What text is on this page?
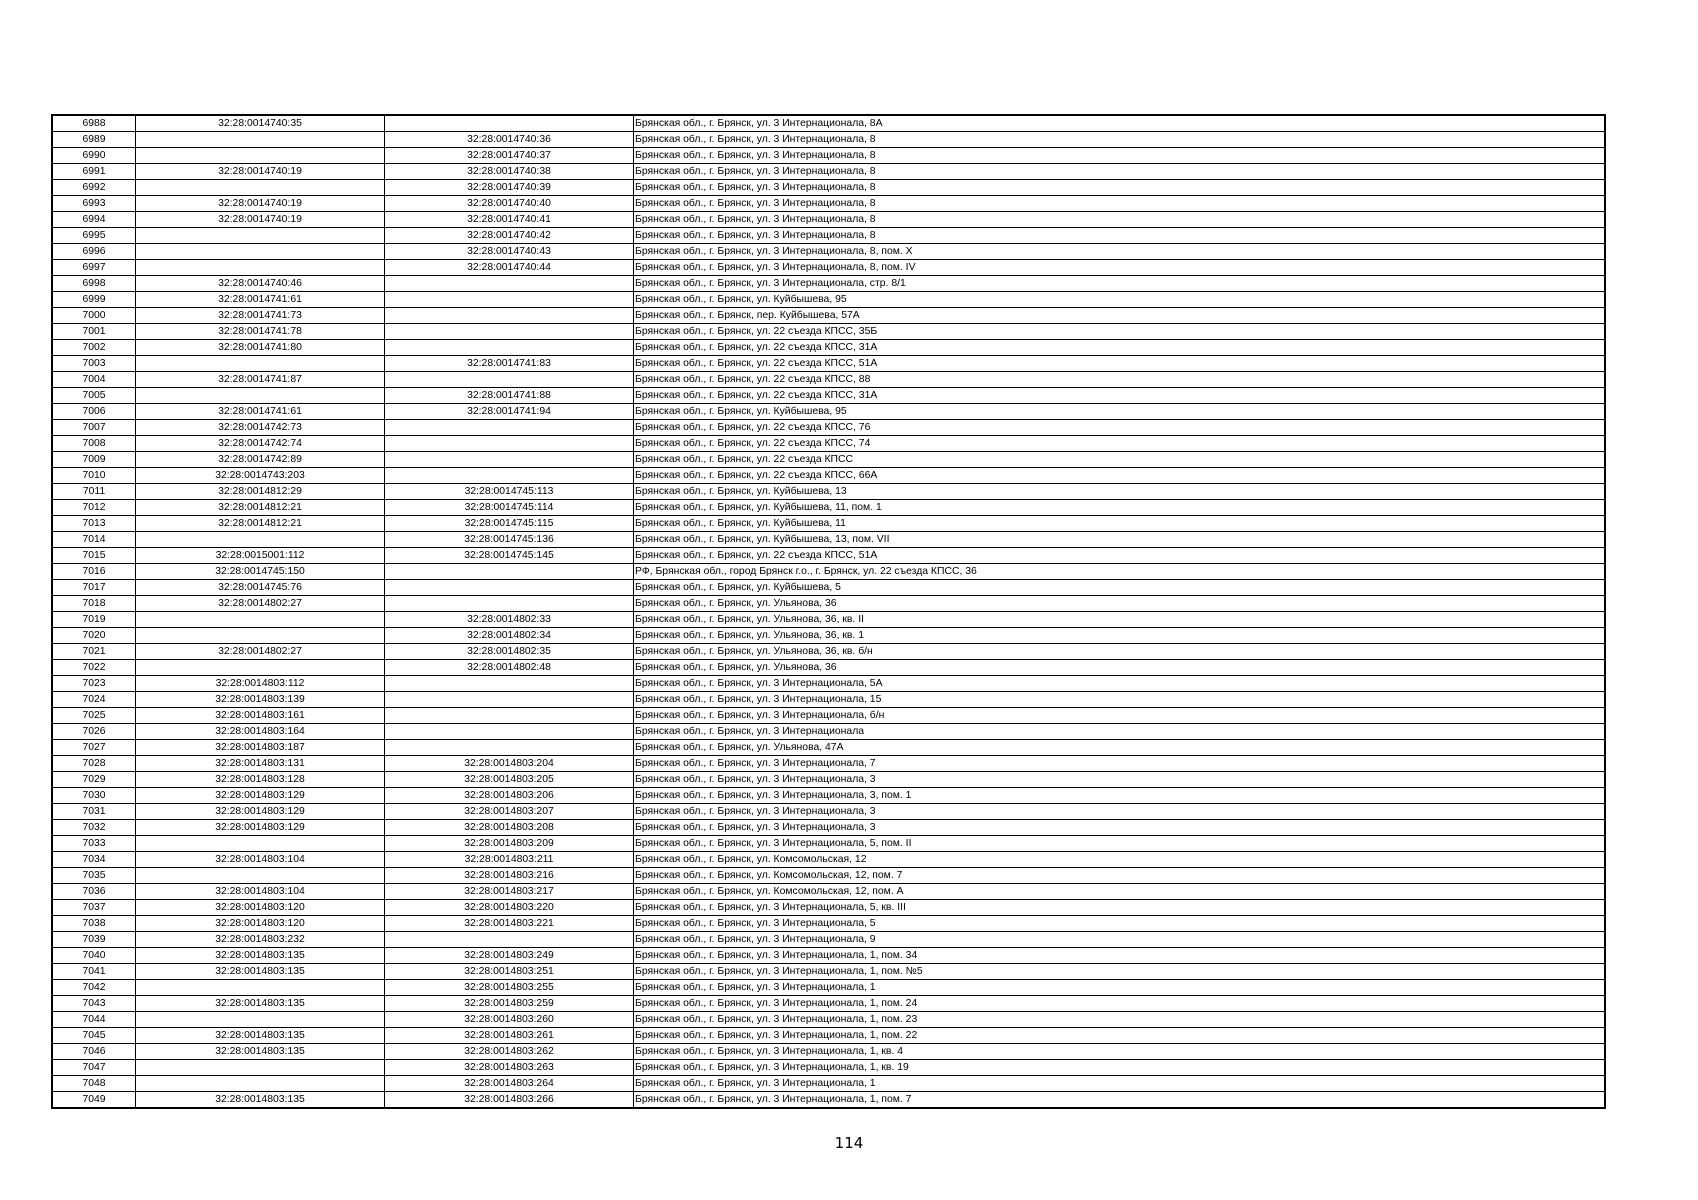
6988	32:28:0014740:35		Брянская обл., г. Брянск, ул. 3 Интернационала, 8А
6989		32:28:0014740:36	Брянская обл., г. Брянск, ул. 3 Интернационала, 8
6990		32:28:0014740:37	Брянская обл., г. Брянск, ул. 3 Интернационала, 8
6991	32:28:0014740:19	32:28:0014740:38	Брянская обл., г. Брянск, ул. 3 Интернационала, 8
6992		32:28:0014740:39	Брянская обл., г. Брянск, ул. 3 Интернационала, 8
6993	32:28:0014740:19	32:28:0014740:40	Брянская обл., г. Брянск, ул. 3 Интернационала, 8
6994	32:28:0014740:19	32:28:0014740:41	Брянская обл., г. Брянск, ул. 3 Интернационала, 8
6995		32:28:0014740:42	Брянская обл., г. Брянск, ул. 3 Интернационала, 8
6996		32:28:0014740:43	Брянская обл., г. Брянск, ул. 3 Интернационала, 8, пом. X
6997		32:28:0014740:44	Брянская обл., г. Брянск, ул. 3 Интернационала, 8, пом. IV
6998	32:28:0014740:46		Брянская обл., г. Брянск, ул. 3 Интернационала, стр. 8/1
6999	32:28:0014741:61		Брянская обл., г. Брянск, ул. Куйбышева, 95
7000	32:28:0014741:73		Брянская обл., г. Брянск, пер. Куйбышева, 57А
7001	32:28:0014741:78		Брянская обл., г. Брянск, ул. 22 съезда КПСС, 35Б
7002	32:28:0014741:80		Брянская обл., г. Брянск, ул. 22 съезда КПСС, 31А
7003		32:28:0014741:83	Брянская обл., г. Брянск, ул. 22 съезда КПСС, 51А
7004	32:28:0014741:87		Брянская обл., г. Брянск, ул. 22 съезда КПСС, 88
7005		32:28:0014741:88	Брянская обл., г. Брянск, ул. 22 съезда КПСС, 31А
7006	32:28:0014741:61	32:28:0014741:94	Брянская обл., г. Брянск, ул. Куйбышева, 95
7007	32:28:0014742:73		Брянская обл., г. Брянск, ул. 22 съезда КПСС, 76
7008	32:28:0014742:74		Брянская обл., г. Брянск, ул. 22 съезда КПСС, 74
7009	32:28:0014742:89		Брянская обл., г. Брянск, ул. 22 съезда КПСС
7010	32:28:0014743:203		Брянская обл., г. Брянск, ул. 22 съезда КПСС, 66А
7011	32:28:0014812:29	32:28:0014745:113	Брянская обл., г. Брянск, ул. Куйбышева, 13
7012	32:28:0014812:21	32:28:0014745:114	Брянская обл., г. Брянск, ул. Куйбышева, 11, пом. 1
7013	32:28:0014812:21	32:28:0014745:115	Брянская обл., г. Брянск, ул. Куйбышева, 11
7014		32:28:0014745:136	Брянская обл., г. Брянск, ул. Куйбышева, 13, пом. VII
7015	32:28:0015001:112	32:28:0014745:145	Брянская обл., г. Брянск, ул. 22 съезда КПСС, 51А
7016	32:28:0014745:150		РФ, Брянская обл., город Брянск г.о., г. Брянск, ул. 22 съезда КПСС, 36
7017	32:28:0014745:76		Брянская обл., г. Брянск, ул. Куйбышева, 5
7018	32:28:0014802:27		Брянская обл., г. Брянск, ул. Ульянова, 36
7019		32:28:0014802:33	Брянская обл., г. Брянск, ул. Ульянова, 36, кв. II
7020		32:28:0014802:34	Брянская обл., г. Брянск, ул. Ульянова, 36, кв. 1
7021	32:28:0014802:27	32:28:0014802:35	Брянская обл., г. Брянск, ул. Ульянова, 36, кв. б/н
7022		32:28:0014802:48	Брянская обл., г. Брянск, ул. Ульянова, 36
7023	32:28:0014803:112		Брянская обл., г. Брянск, ул. 3 Интернационала, 5А
7024	32:28:0014803:139		Брянская обл., г. Брянск, ул. 3 Интернационала, 15
7025	32:28:0014803:161		Брянская обл., г. Брянск, ул. 3 Интернационала, б/н
7026	32:28:0014803:164		Брянская обл., г. Брянск, ул. 3 Интернационала
7027	32:28:0014803:187		Брянская обл., г. Брянск, ул. Ульянова, 47А
7028	32:28:0014803:131	32:28:0014803:204	Брянская обл., г. Брянск, ул. 3 Интернационала, 7
7029	32:28:0014803:128	32:28:0014803:205	Брянская обл., г. Брянск, ул. 3 Интернационала, 3
7030	32:28:0014803:129	32:28:0014803:206	Брянская обл., г. Брянск, ул. 3 Интернационала, 3, пом. 1
7031	32:28:0014803:129	32:28:0014803:207	Брянская обл., г. Брянск, ул. 3 Интернационала, 3
7032	32:28:0014803:129	32:28:0014803:208	Брянская обл., г. Брянск, ул. 3 Интернационала, 3
7033		32:28:0014803:209	Брянская обл., г. Брянск, ул. 3 Интернационала, 5, пом. II
7034	32:28:0014803:104	32:28:0014803:211	Брянская обл., г. Брянск, ул. Комсомольская, 12
7035		32:28:0014803:216	Брянская обл., г. Брянск, ул. Комсомольская, 12, пом. 7
7036	32:28:0014803:104	32:28:0014803:217	Брянская обл., г. Брянск, ул. Комсомольская, 12, пом. А
7037	32:28:0014803:120	32:28:0014803:220	Брянская обл., г. Брянск, ул. 3 Интернационала, 5, кв. III
7038	32:28:0014803:120	32:28:0014803:221	Брянская обл., г. Брянск, ул. 3 Интернационала, 5
7039	32:28:0014803:232		Брянская обл., г. Брянск, ул. 3 Интернационала, 9
7040	32:28:0014803:135	32:28:0014803:249	Брянская обл., г. Брянск, ул. 3 Интернационала, 1, пом. 34
7041	32:28:0014803:135	32:28:0014803:251	Брянская обл., г. Брянск, ул. 3 Интернационала, 1, пом. №5
7042		32:28:0014803:255	Брянская обл., г. Брянск, ул. 3 Интернационала, 1
7043	32:28:0014803:135	32:28:0014803:259	Брянская обл., г. Брянск, ул. 3 Интернационала, 1, пом. 24
7044		32:28:0014803:260	Брянская обл., г. Брянск, ул. 3 Интернационала, 1, пом. 23
7045	32:28:0014803:135	32:28:0014803:261	Брянская обл., г. Брянск, ул. 3 Интернационала, 1, пом. 22
7046	32:28:0014803:135	32:28:0014803:262	Брянская обл., г. Брянск, ул. 3 Интернационала, 1, кв. 4
7047		32:28:0014803:263	Брянская обл., г. Брянск, ул. 3 Интернационала, 1, кв. 19
7048		32:28:0014803:264	Брянская обл., г. Брянск, ул. 3 Интернационала, 1
7049	32:28:0014803:135	32:28:0014803:266	Брянская обл., г. Брянск, ул. 3 Интернационала, 1, пом. 7
114
